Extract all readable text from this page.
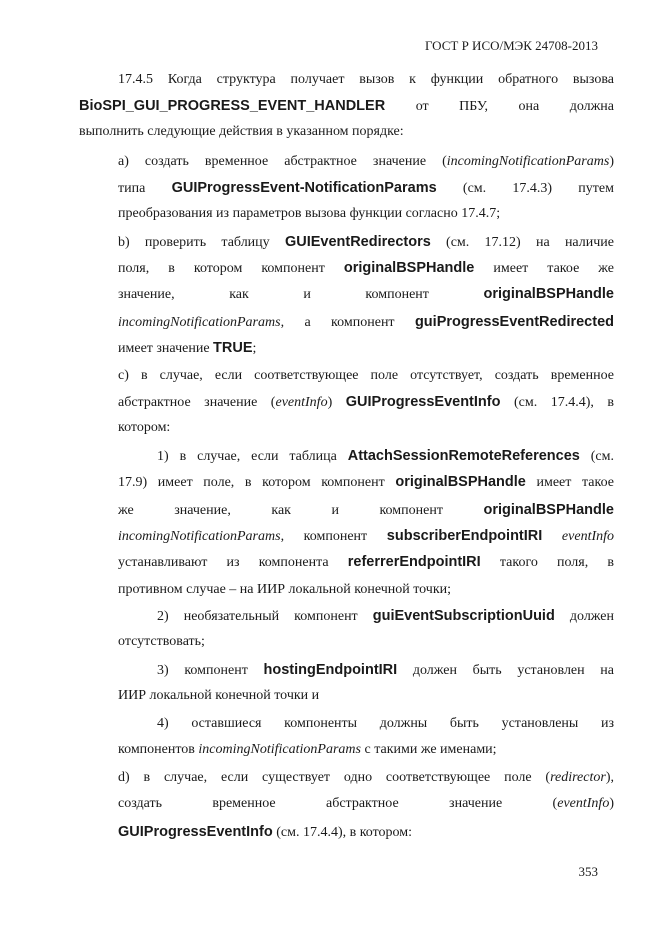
ГОСТ Р ИСО/МЭК 24708-2013
17.4.5 Когда структура получает вызов к функции обратного вызова
BioSPI_GUI_PROGRESS_EVENT_HANDLER от ПБУ, она должна
выполнить следующие действия в указанном порядке:
a) создать временное абстрактное значение (incomingNotificationParams)
типа GUIProgressEvent-NotificationParams (см. 17.4.3) путем
преобразования из параметров вызова функции согласно 17.4.7;
b) проверить таблицу GUIEventRedirectors (см. 17.12) на наличие
поля, в котором компонент originalBSPHandle имеет такое же
значение, как и компонент originalBSPHandle
incomingNotificationParams, а компонент guiProgressEventRedirected
имеет значение TRUE;
c) в случае, если соответствующее поле отсутствует, создать временное
абстрактное значение (eventInfo) GUIProgressEventInfo (см. 17.4.4), в
котором:
1) в случае, если таблица AttachSessionRemoteReferences (см.
17.9) имеет поле, в котором компонент originalBSPHandle имеет такое
же значение, как и компонент originalBSPHandle
incomingNotificationParams, компонент subscriberEndpointIRI eventInfo
устанавливают из компонента referrerEndpointIRI такого поля, в
противном случае – на ИИР локальной конечной точки;
2) необязательный компонент guiEventSubscriptionUuid должен
отсутствовать;
3) компонент hostingEndpointIRI должен быть установлен на
ИИР локальной конечной точки и
4) оставшиеся компоненты должны быть установлены из
компонентов incomingNotificationParams с такими же именами;
d) в случае, если существует одно соответствующее поле (redirector),
создать временное абстрактное значение (eventInfo)
GUIProgressEventInfo (см. 17.4.4), в котором:
353
